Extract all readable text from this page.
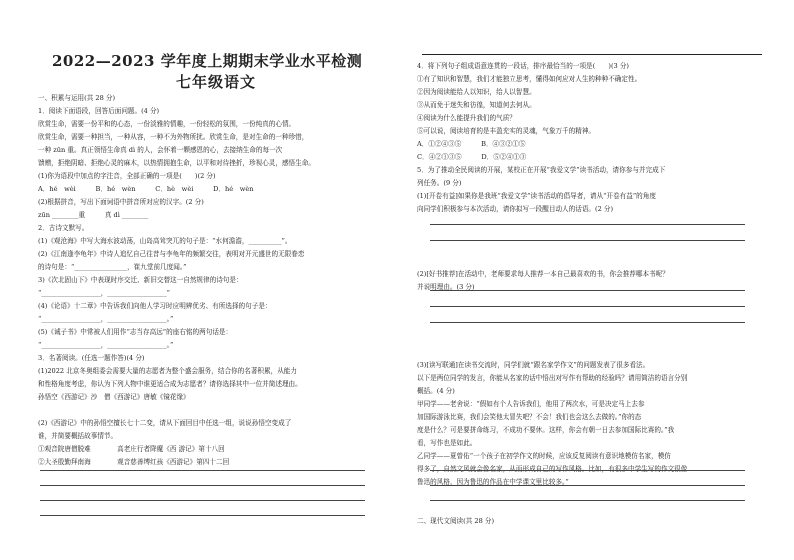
2022—2023 学年度上期期末学业水平检测
七年级语文
一、积累与运用(共 28 分)
1．阅读下面语段，回答后面问题。(4 分)
欣赏生命，需要一份平和的心态，一份淡雅的情趣，一份轻松的氛围，一份纯真的心情。
欣赏生命，需要一种担当，一种从容，一种不为外物所扰。欣赏生命，是对生命的一种珍惜，
一种 zūn 重。真正领悟生命真 dì 的人，会怀着一颗感恩的心，去接纳生命的每一次
馈赠，拒绝阴暗、拒绝心灵的麻木，以热情拥抱生命，以平和对待挫折，珍视心灵，感悟生命。
(1)你为语段中加点的字注音，全部正确的一项是(　　)(2 分)
A．hé　wèi　　　B．hé　wèn　　　C．hè　wèi　　　D．hé　wèn
(2)根据拼音，写出下面词语中拼音所对应的汉字。(2 分)
zūn ________重　　　真 dì ________
2．古诗文默写。
(1)《观沧海》中写大海水波动荡，山岛高耸突兀的句子是：“水何澹澹，__________”。
(2)《江南逢李龟年》中诗人追忆自己往昔与李龟年的频繁交往，表明对开元盛世的无限眷恋
的诗句是：“________________，崔九堂前几度闻。”
3)《次北固山下》中表现时序交迁、新旧交替这一自然规律的诗句是：
“__________________，__________________”
(4)《论语》十二章》中告诉我们向他人学习时应明辨优劣、有所选择的句子是：
“__________________，__________________。”
(5)《诫子书》中常被人们用作“志当存高远”的座右铭的两句话是：
“__________________，__________________。”
3．名著阅读。(任选一题作答)(4 分)
(1)2022 北京冬奥组委会需要大量的志愿者为整个盛会服务，结合你的名著积累，从能力
和性格角度考虑，你认为下列人物中谁更适合成为志愿者？请你选择其中一位并简述理由。
孙悟空《西游记》沙　僧《西游记》唐敏《镜花缘》
(2)《西游记》中的孙悟空擅长七十二变，请从下面回目中任选一组，说说孙悟空变成了
谁，并简要概括故事情节。
①观音院唐僧脱难　　　　高老庄行者降魔《西 游记》第十八回
②大圣殷勤拜南海　　　　观音慈善缚红孩《西游记》第四十二回
4．将下列句子组成语意连贯的一段话，排序最恰当的一项是(　　)(3 分)
①有了知识和智慧，我们才能独立思考，懂得如何应对人生的种种不确定性。
②因为阅读能给人以知识，给人以智慧。
③从而免于迷失和彷徨，知道何去何从。
④阅读为什么能提升我们的气质？
⑤可以说，阅读培育的是丰盈充实的灵魂，气象万千的精神。
A．①②④③⑤　　　B．④③②①⑤
C．④②①③⑤　　　D．⑤②④①③
5．为了推动全民阅读的开展，某校正在开展“我爱文学”读书活动，请你参与并完成下
列任务。(9 分)
(1)[开卷有益]如果你是我班“我爱文学”读书活动的倡导者，请从“开卷有益”的角度
向同学们积极参与本次活动，请你拟写一段醒目动人的话语。(2 分)
(2)[好书推荐]在活动中，老师要求每人推荐一本自己最喜欢的书，你会推荐哪本书呢？
并说明理由。(3 分)
(3)[读写联通]在读书交流时，同学们就“跟名家学作文”的问题发表了很多看法。
以下是两位同学的发言，你能从名家的话中悟出对写作有帮助的经验吗？请用简洁的语言分别
概括。(4 分)
甲同学——老舍说：“假如有个人告诉我们，他用了两次水，可是决定马上去参
加国际游泳比赛，我们会笑他太冒失吧？不会！我们也会这么去做的。”你的态
度是什么？可是要拼命练习，不成功不要休。这样，你会有朝一日去参加国际比赛的。”我
看，写作也是如此。
乙同学——夏曾佑“一个孩子在初学作文的时候，应该反复阅读有意识地模仿名家，模仿
得多了，自然文风就会像名家，从而形成自己的写作风格。比如，有很多中学生写的作文很像
鲁迅的风格，因为鲁迅的作品在中学课文里比较多。”
二、现代文阅读(共 28 分)
